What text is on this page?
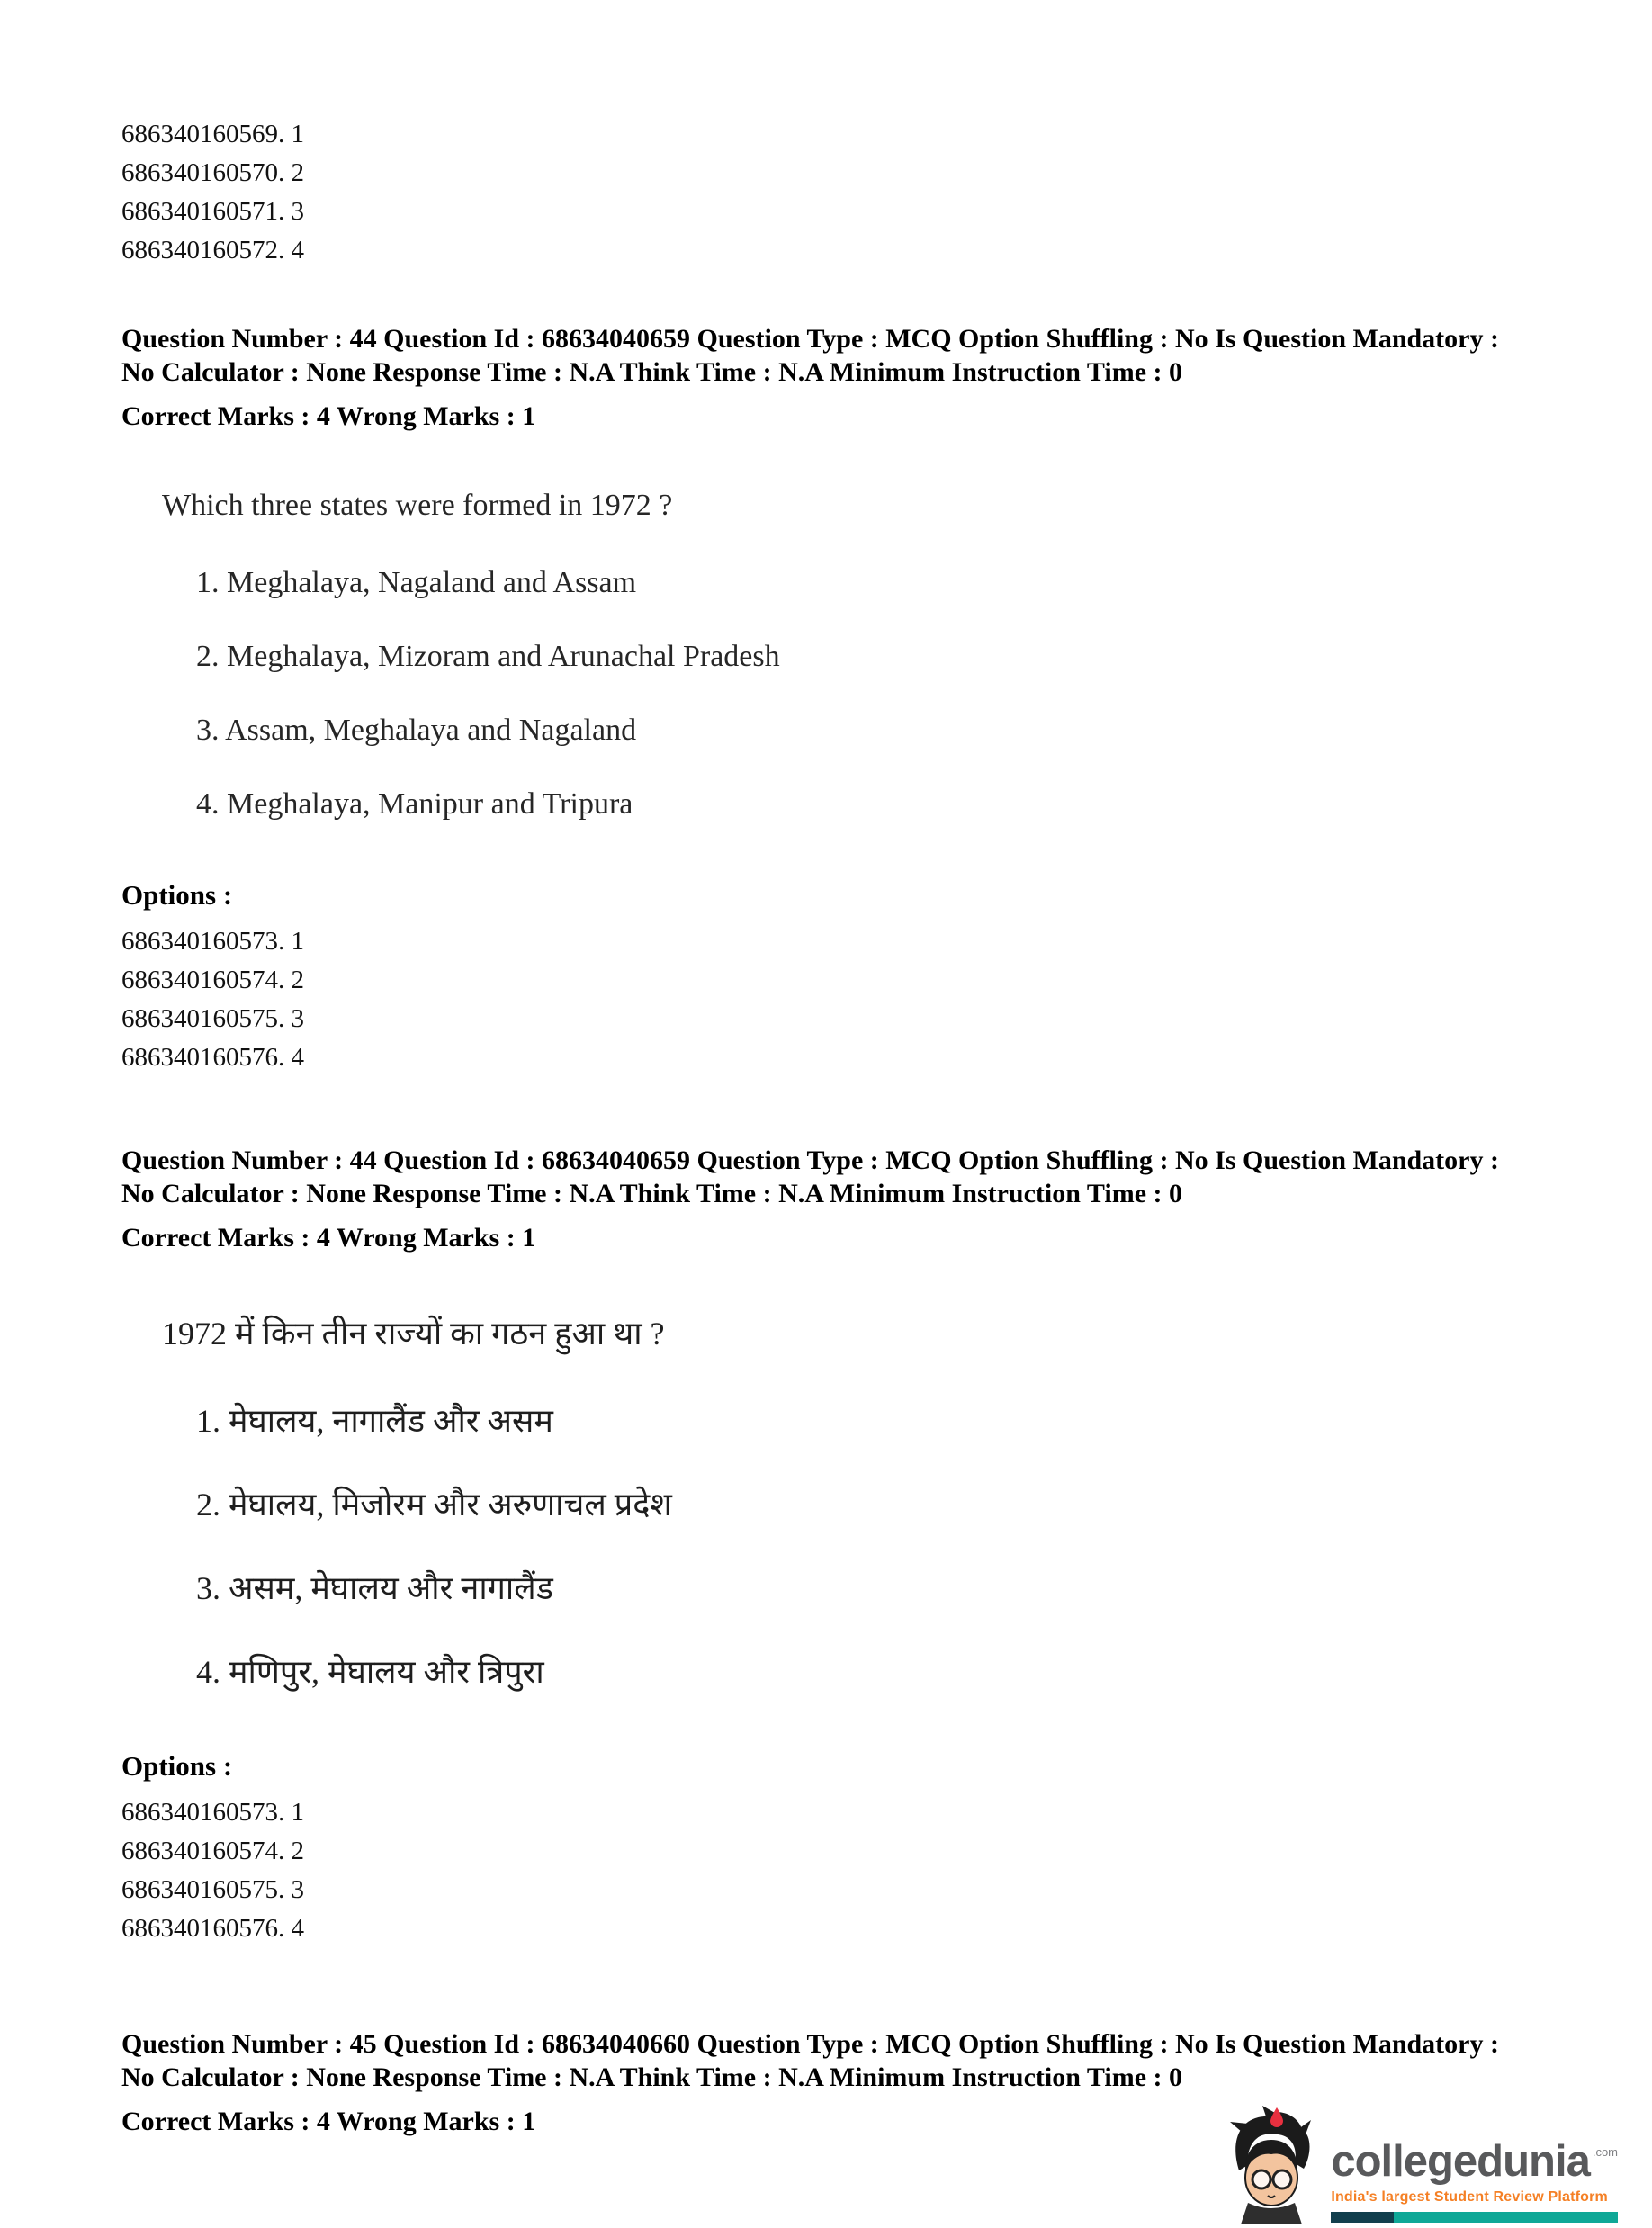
686340160569. 1
686340160570. 2
686340160571. 3
686340160572. 4
Question Number : 44 Question Id : 68634040659 Question Type : MCQ Option Shuffling : No Is Question Mandatory : No Calculator : None Response Time : N.A Think Time : N.A Minimum Instruction Time : 0
Correct Marks : 4 Wrong Marks : 1
Which three states were formed in 1972 ?
1. Meghalaya, Nagaland and Assam
2. Meghalaya, Mizoram and Arunachal Pradesh
3. Assam, Meghalaya and Nagaland
4. Meghalaya, Manipur and Tripura
Options :
686340160573. 1
686340160574. 2
686340160575. 3
686340160576. 4
Question Number : 44 Question Id : 68634040659 Question Type : MCQ Option Shuffling : No Is Question Mandatory : No Calculator : None Response Time : N.A Think Time : N.A Minimum Instruction Time : 0
Correct Marks : 4 Wrong Marks : 1
1972 में किन तीन राज्यों का गठन हुआ था ?
1. मेघालय, नागालैंड और असम
2. मेघालय, मिजोरम और अरुणाचल प्रदेश
3. असम, मेघालय और नागालैंड
4. मणिपुर, मेघालय और त्रिपुरा
Options :
686340160573. 1
686340160574. 2
686340160575. 3
686340160576. 4
Question Number : 45 Question Id : 68634040660 Question Type : MCQ Option Shuffling : No Is Question Mandatory : No Calculator : None Response Time : N.A Think Time : N.A Minimum Instruction Time : 0
Correct Marks : 4 Wrong Marks : 1
collegedunia .com
India's largest Student Review Platform
